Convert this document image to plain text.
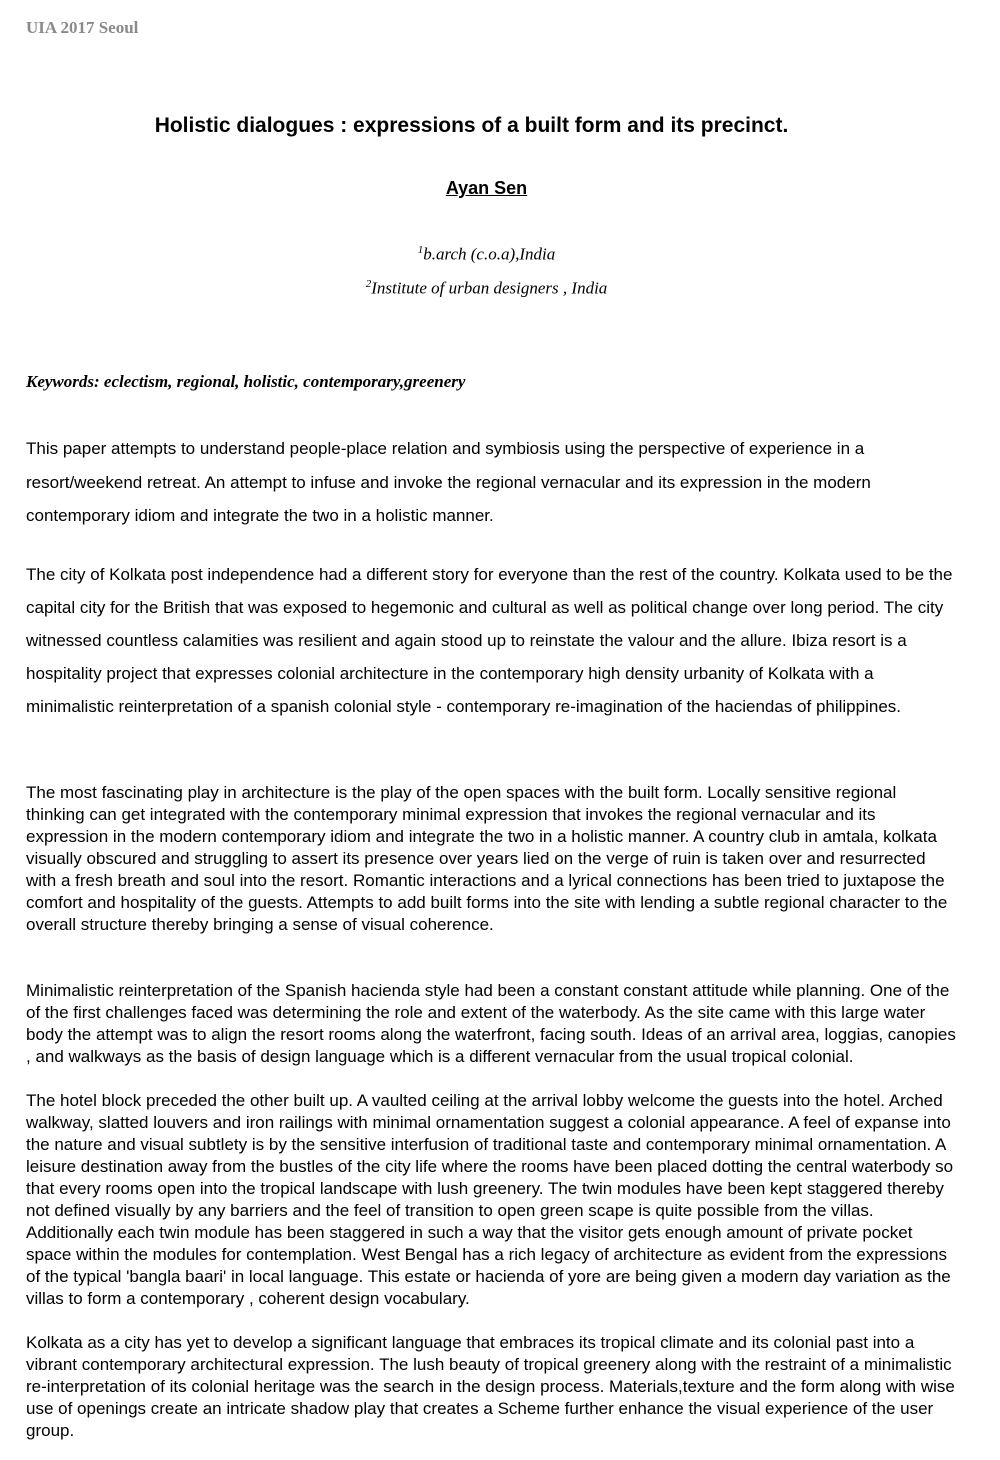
UIA 2017 Seoul
Holistic dialogues : expressions of a built form and its precinct.
Ayan Sen
$^1$b.arch (c.o.a),India
$^2$Institute of urban designers , India
Keywords: eclectism, regional, holistic, contemporary,greenery

This paper attempts to understand people-place relation and symbiosis using the perspective of experience in a resort/weekend retreat. An attempt to infuse and invoke the regional vernacular and its expression in the modern contemporary idiom and integrate the two in a holistic manner.

The city of Kolkata post independence had a different story for everyone than the rest of the country. Kolkata used to be the capital city for the British that was exposed to hegemonic and cultural as well as political change over long period. The city witnessed countless calamities was resilient and again stood up to reinstate the valour and the allure. Ibiza resort is a hospitality project that expresses colonial architecture in the contemporary high density urbanity of Kolkata with a minimalistic reinterpretation of a spanish colonial style - contemporary re-imagination of the haciendas of philippines.

The most fascinating play in architecture is the play of the open spaces with the built form. Locally sensitive regional thinking can get integrated with the contemporary minimal expression that invokes the regional vernacular and its expression in the modern contemporary idiom and integrate the two in a holistic manner. A country club in amtala, kolkata visually obscured and struggling to assert its presence over years lied on the verge of ruin is taken over and resurrected with a fresh breath and soul into the resort. Romantic interactions and a lyrical connections has been tried to juxtapose the comfort and hospitality of the guests. Attempts to add built forms into the site with lending a subtle regional character to the overall structure thereby bringing a sense of visual coherence.

Minimalistic reinterpretation of the Spanish hacienda style had been a constant constant attitude while planning. One of the of the first challenges faced was determining the role and extent of the waterbody. As the site came with this large water body the attempt was to align the resort rooms along the waterfront, facing south. Ideas of an arrival area, loggias, canopies , and walkways as the basis of design language which is a different vernacular from the usual tropical colonial.

The hotel block preceded the other built up. A vaulted ceiling at the arrival lobby welcome the guests into the hotel. Arched walkway, slatted louvers and iron railings with minimal ornamentation suggest a colonial appearance. A feel of expanse into the nature and visual subtlety is by the sensitive interfusion of traditional taste and contemporary minimal ornamentation. A leisure destination away from the bustles of the city life where the rooms have been placed dotting the central waterbody so that every rooms open into the tropical landscape with lush greenery. The twin modules have been kept staggered thereby not defined visually by any barriers and the feel of transition to open green scape is quite possible from the villas. Additionally each twin module has been staggered in such a way that the visitor gets enough amount of private pocket space within the modules for contemplation. West Bengal has a rich legacy of architecture as evident from the expressions of the typical 'bangla baari' in local language. This estate or hacienda of yore are being given a modern day variation as the villas to form a contemporary , coherent design vocabulary.

Kolkata as a city has yet to develop a significant language that embraces its tropical climate and its colonial past into a vibrant contemporary architectural expression. The lush beauty of tropical greenery along with the restraint of a minimalistic re-interpretation of its colonial heritage was the search in the design process. Materials,texture and the form along with wise use of openings create an intricate shadow play that creates a Scheme further enhance the visual experience of the user group.
